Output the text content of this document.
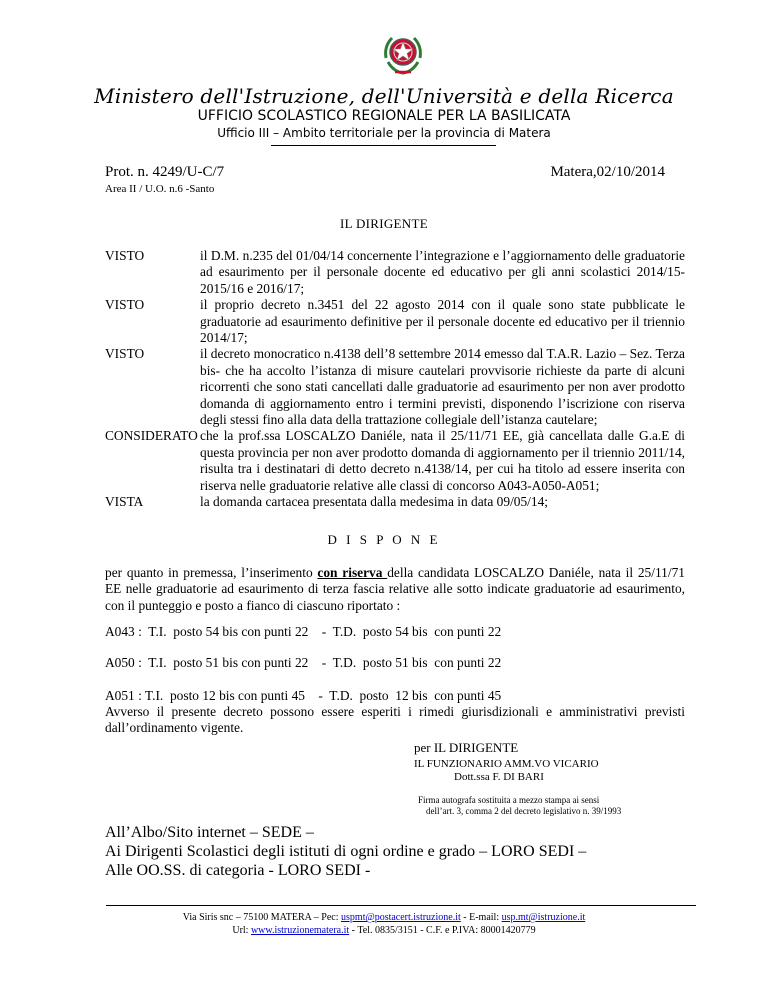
Ministero dell'Istruzione, dell'Università e della Ricerca
UFFICIO SCOLASTICO REGIONALE PER LA BASILICATA
Ufficio III – Ambito territoriale per la provincia di Matera
Prot. n. 4249/U-C/7	Matera,02/10/2014
Area II / U.O. n.6 -Santo
IL DIRIGENTE
VISTO	il D.M. n.235 del 01/04/14 concernente l’integrazione e l’aggiornamento delle graduatorie ad esaurimento per il personale docente ed educativo per gli anni scolastici 2014/15-2015/16 e 2016/17;
VISTO	il proprio decreto n.3451 del 22 agosto 2014 con il quale sono state pubblicate le graduatorie ad esaurimento definitive per il personale docente ed educativo per il triennio 2014/17;
VISTO	il decreto monocratico n.4138 dell’8 settembre 2014 emesso dal T.A.R. Lazio – Sez. Terza bis- che ha accolto l’istanza di misure cautelari provvisorie richieste da parte di alcuni ricorrenti che sono stati cancellati dalle graduatorie ad esaurimento per non aver prodotto domanda di aggiornamento entro i termini previsti, disponendo l’iscrizione con riserva degli stessi fino alla data della trattazione collegiale dell’istanza cautelare;
CONSIDERATO che la prof.ssa LOSCALZO Daniéle, nata il 25/11/71 EE, già cancellata dalle G.a.E di questa provincia per non aver prodotto domanda di aggiornamento per il triennio 2011/14, risulta tra i destinatari di detto decreto n.4138/14, per cui ha titolo ad essere inserita con riserva nelle graduatorie relative alle classi di concorso A043-A050-A051;
VISTA	la domanda cartacea presentata dalla medesima in data 09/05/14;
D I S P O N E
per quanto in premessa, l’inserimento con riserva della candidata LOSCALZO Daniéle, nata il 25/11/71 EE nelle graduatorie ad esaurimento di terza fascia relative alle sotto indicate graduatorie ad esaurimento, con il punteggio e posto a fianco di ciascuno riportato :
A043 :  T.I.  posto 54 bis con punti 22    -  T.D.  posto 54 bis  con punti 22
A050 :  T.I.  posto 51 bis con punti 22    -  T.D.  posto 51 bis  con punti 22
A051 : T.I.  posto 12 bis con punti 45    -  T.D.  posto  12 bis  con punti 45
Avverso il presente decreto possono essere esperiti i rimedi giurisdizionali e amministrativi previsti dall’ordinamento vigente.
per IL DIRIGENTE
IL FUNZIONARIO AMM.VO VICARIO
Dott.ssa F. DI BARI
Firma autografa sostituita a mezzo stampa ai sensi
dell’art. 3, comma 2 del decreto legislativo n. 39/1993
All’Albo/Sito internet – SEDE –
Ai Dirigenti Scolastici degli istituti di ogni ordine e grado – LORO SEDI –
Alle OO.SS. di categoria - LORO SEDI -
Via Siris snc – 75100 MATERA – Pec: uspmt@postacert.istruzione.it - E-mail: usp.mt@istruzione.it
Url: www.istruzionematera.it - Tel. 0835/3151 - C.F. e P.IVA: 80001420779
